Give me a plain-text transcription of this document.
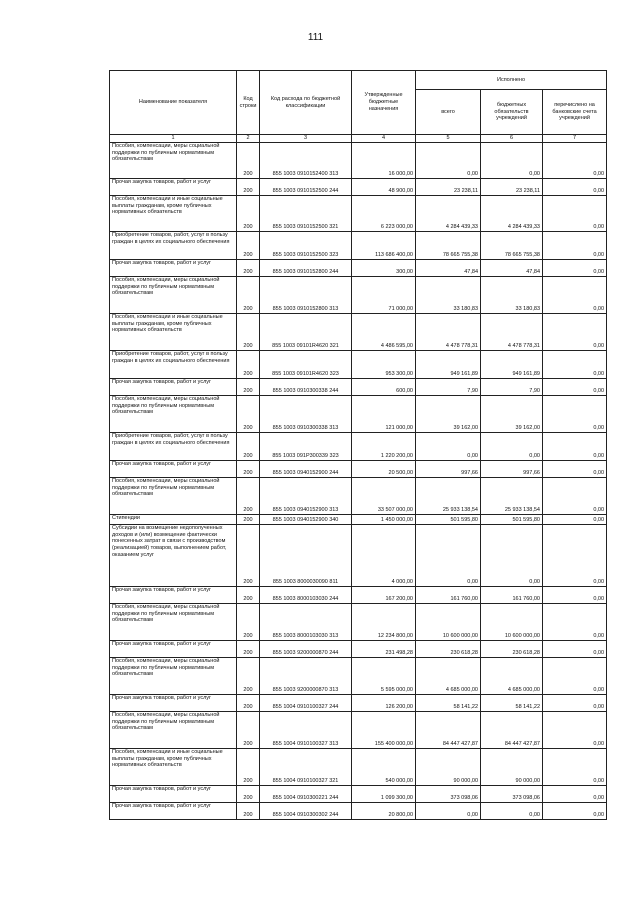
111
Наименование показателя	Код строки	Код расхода по бюджетной классификации	Утвержденные бюджетные назначения	Исполнено		
				всего	бюджетных обязательств учреждений	перечислено на банковские счета учреждений
1	2	3	4	5	6	7
Пособия, компенсации, меры социальной поддержки по публичным нормативным обязательствам	200	855 1003 0910152400 313	16 000,00	0,00	0,00	0,00
Прочая закупка товаров, работ и услуг	200	855 1003 0910152500 244	48 900,00	23 238,11	23 238,11	0,00
Пособия, компенсации и иные социальные выплаты гражданам, кроме публичных нормативных обязательств	200	855 1003 0910152500 321	6 223 000,00	4 284 439,33	4 284 439,33	0,00
Приобретение товаров, работ, услуг в пользу граждан в целях их социального обеспечения	200	855 1003 0910152500 323	113 686 400,00	78 665 755,38	78 665 755,38	0,00
Прочая закупка товаров, работ и услуг	200	855 1003 0910152800 244	300,00	47,84	47,84	0,00
Пособия, компенсации, меры социальной поддержки по публичным нормативным обязательствам	200	855 1003 0910152800 313	71 000,00	33 180,83	33 180,83	0,00
Пособия, компенсации и иные социальные выплаты гражданам, кроме публичных нормативных обязательств	200	855 1003 09101R4620 321	4 486 595,00	4 478 778,31	4 478 778,31	0,00
Приобретение товаров, работ, услуг в пользу граждан в целях их социального обеспечения	200	855 1003 09101R4620 323	953 300,00	949 161,89	949 161,89	0,00
Прочая закупка товаров, работ и услуг	200	855 1003 0910300338 244	600,00	7,90	7,90	0,00
Пособия, компенсации, меры социальной поддержки по публичным нормативным обязательствам	200	855 1003 0910300338 313	121 000,00	39 162,00	39 162,00	0,00
Приобретение товаров, работ, услуг в пользу граждан в целях их социального обеспечения	200	855 1003 091P300339 323	1 220 200,00	0,00	0,00	0,00
Прочая закупка товаров, работ и услуг	200	855 1003 0940152900 244	20 500,00	997,66	997,66	0,00
Пособия, компенсации, меры социальной поддержки по публичным нормативным обязательствам	200	855 1003 0940152900 313	33 507 000,00	25 933 138,54	25 933 138,54	0,00
Стипендии	200	855 1003 0940152900 340	1 450 000,00	501 595,80	501 595,80	0,00
Субсидии на возмещение недополученных доходов и (или) возмещение фактически понесенных затрат в связи с производством (реализацией) товаров, выполнением работ, оказанием услуг	200	855 1003 8000030090 811	4 000,00	0,00	0,00	0,00
Прочая закупка товаров, работ и услуг	200	855 1003 8000103030 244	167 200,00	161 760,00	161 760,00	0,00
Пособия, компенсации, меры социальной поддержки по публичным нормативным обязательствам	200	855 1003 8000103030 313	12 234 800,00	10 600 000,00	10 600 000,00	0,00
Прочая закупка товаров, работ и услуг	200	855 1003 9200000870 244	231 498,28	230 618,28	230 618,28	0,00
Пособия, компенсации, меры социальной поддержки по публичным нормативным обязательствам	200	855 1003 9200000870 313	5 595 000,00	4 685 000,00	4 685 000,00	0,00
Прочая закупка товаров, работ и услуг	200	855 1004 0910100327 244	126 200,00	58 141,22	58 141,22	0,00
Пособия, компенсации, меры социальной поддержки по публичным нормативным обязательствам	200	855 1004 0910100327 313	155 400 000,00	84 447 427,87	84 447 427,87	0,00
Пособия, компенсации и иные социальные выплаты гражданам, кроме публичных нормативных обязательств	200	855 1004 0910100327 321	540 000,00	90 000,00	90 000,00	0,00
Прочая закупка товаров, работ и услуг	200	855 1004 0910300221 244	1 099 300,00	373 098,06	373 098,06	0,00
Прочая закупка товаров, работ и услуг	200	855 1004 0910300302 244	20 800,00	0,00	0,00	0,00
